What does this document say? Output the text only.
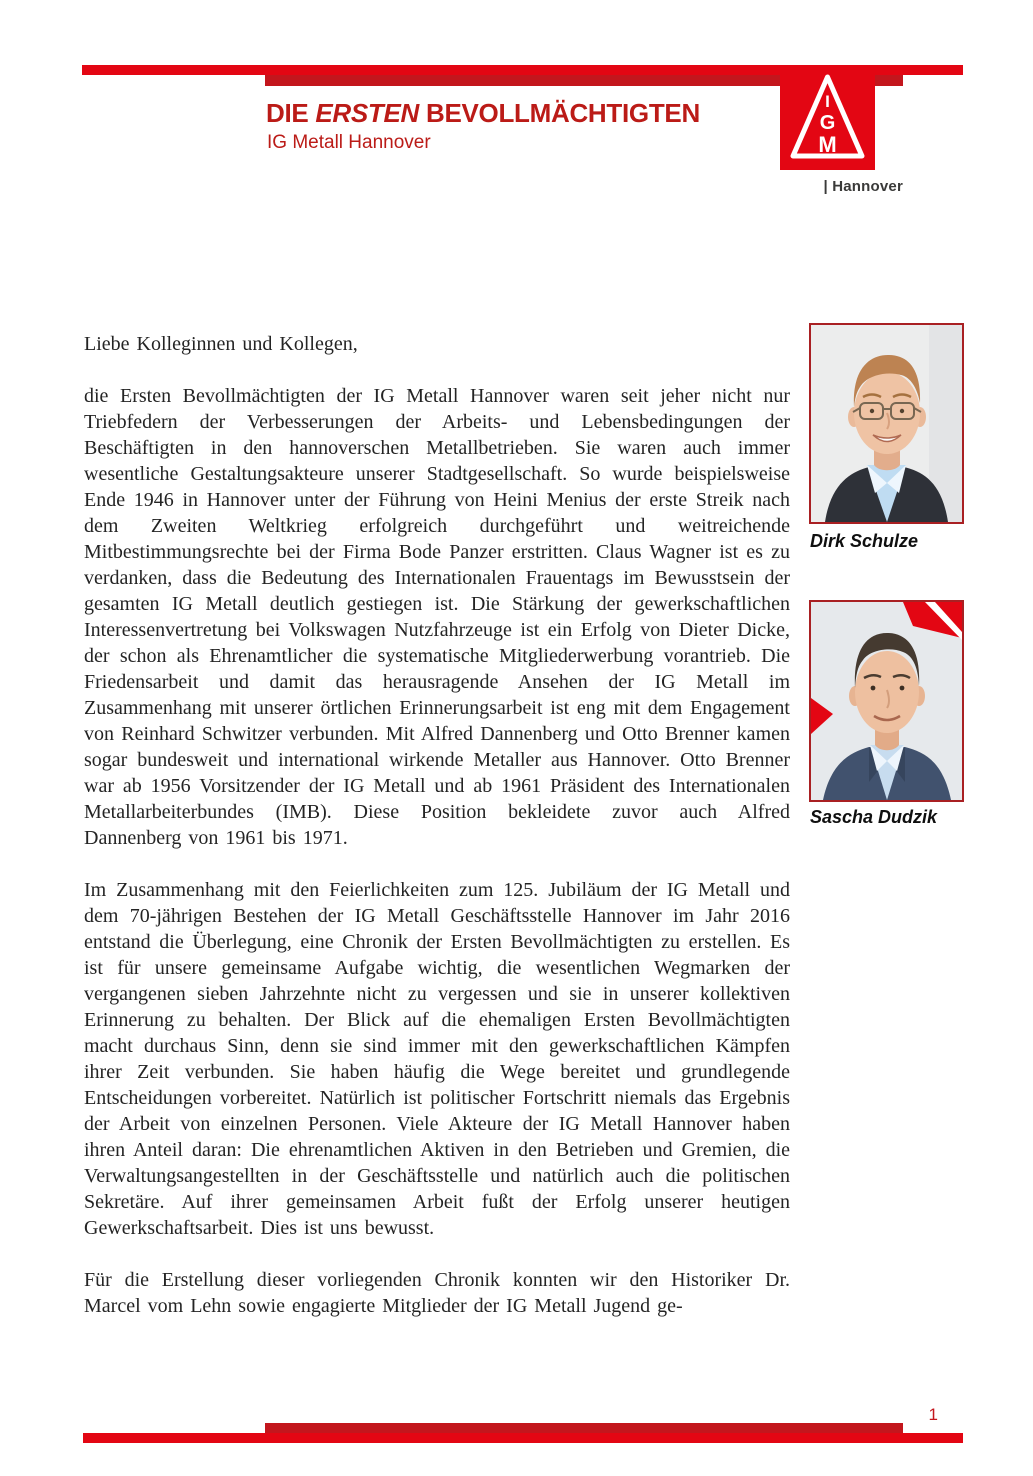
I
G
M
| Hannover
DIE ERSTEN BEVOLLMÄCHTIGTEN
IG Metall Hannover

Liebe Kolleginnen und Kollegen,

die Ersten Bevollmächtigten der IG Metall Hannover waren seit jeher nicht nur Triebfedern der Verbesserungen der Arbeits- und Lebensbedingungen der Beschäftigten in den hannoverschen Metallbetrieben. Sie waren auch immer wesentliche Gestaltungsakteure unserer Stadtgesellschaft. So wurde beispielsweise Ende 1946 in Hannover unter der Führung von Heini Menius der erste Streik nach dem Zweiten Weltkrieg erfolgreich durchgeführt und weitreichende Mitbestimmungsrechte bei der Firma Bode Panzer erstritten. Claus Wagner ist es zu verdanken, dass die Bedeutung des Internationalen Frauentags im Bewusstsein der gesamten IG Metall deutlich gestiegen ist. Die Stärkung der gewerkschaftlichen Interessenvertretung bei Volkswagen Nutzfahrzeuge ist ein Erfolg von Dieter Dicke, der schon als Ehrenamtlicher die systematische Mitgliederwerbung vorantrieb. Die Friedensarbeit und damit das herausragende Ansehen der IG Metall im Zusammenhang mit unserer örtlichen Erinnerungsarbeit ist eng mit dem Engagement von Reinhard Schwitzer verbunden. Mit Alfred Dannenberg und Otto Brenner kamen sogar bundesweit und international wirkende Metaller aus Hannover. Otto Brenner war ab 1956 Vorsitzender der IG Metall und ab 1961 Präsident des Internationalen Metallarbeiterbundes (IMB). Diese Position bekleidete zuvor auch Alfred Dannenberg von 1961 bis 1971.

Im Zusammenhang mit den Feierlichkeiten zum 125. Jubiläum der IG Metall und dem 70-jährigen Bestehen der IG Metall Geschäftsstelle Hannover im Jahr 2016 entstand die Überlegung, eine Chronik der Ersten Bevollmächtigten zu erstellen. Es ist für unsere gemeinsame Aufgabe wichtig, die wesentlichen Wegmarken der vergangenen sieben Jahrzehnte nicht zu vergessen und sie in unserer kollektiven Erinnerung zu behalten. Der Blick auf die ehemaligen Ersten Bevollmächtigten macht durchaus Sinn, denn sie sind immer mit den gewerkschaftlichen Kämpfen ihrer Zeit verbunden. Sie haben häufig die Wege bereitet und grundlegende Entscheidungen vorbereitet. Natürlich ist politischer Fortschritt niemals das Ergebnis der Arbeit von einzelnen Personen. Viele Akteure der IG Metall Hannover haben ihren Anteil daran: Die ehrenamtlichen Aktiven in den Betrieben und Gremien, die Verwaltungsangestellten in der Geschäftsstelle und natürlich auch die politischen Sekretäre. Auf ihrer gemeinsamen Arbeit fußt der Erfolg unserer heutigen Gewerkschaftsarbeit. Dies ist uns bewusst.

Für die Erstellung dieser vorliegenden Chronik konnten wir den Historiker Dr. Marcel vom Lehn sowie engagierte Mitglieder der IG Metall Jugend ge-

Dirk Schulze
Sascha Dudzik
1
